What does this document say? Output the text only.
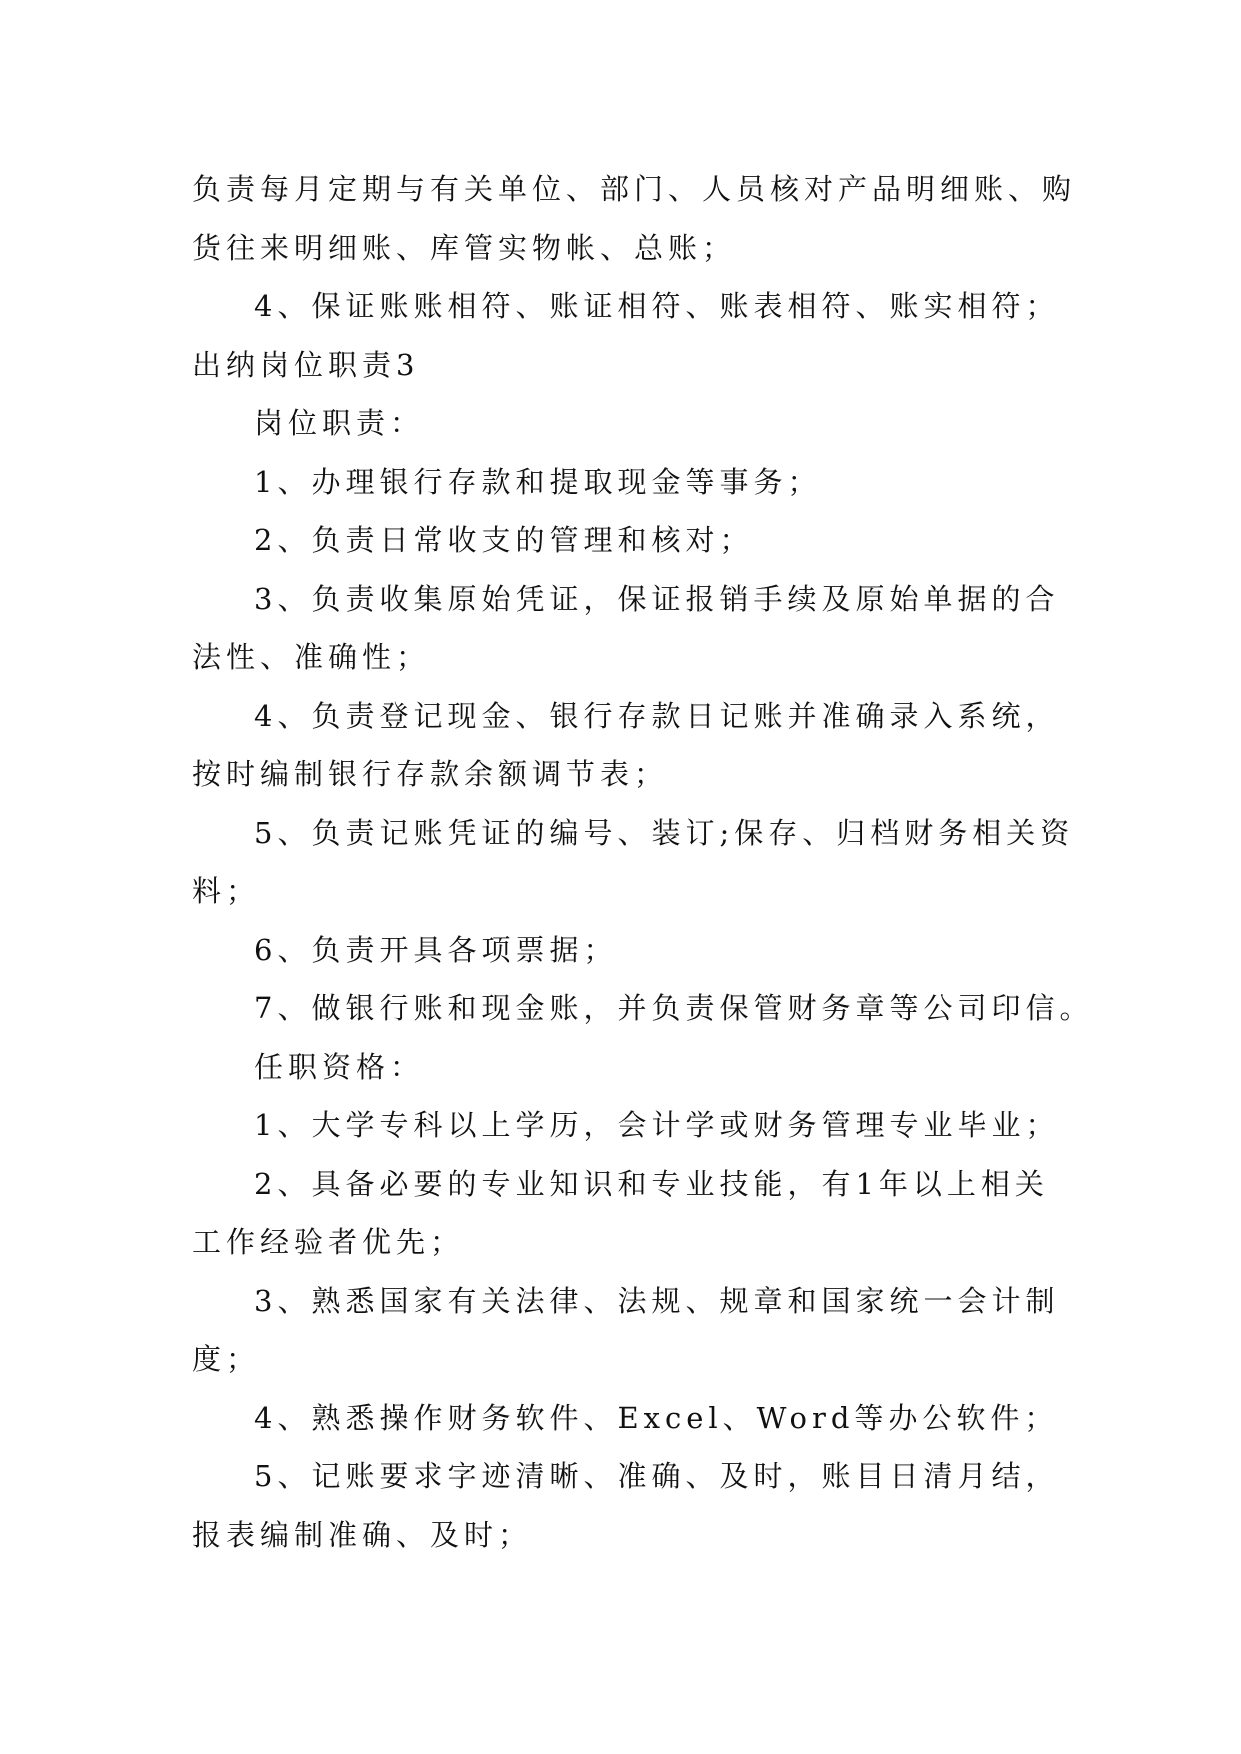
负责每月定期与有关单位、部门、人员核对产品明细账、购
货往来明细账、库管实物帐、总账；
4、保证账账相符、账证相符、账表相符、账实相符；
出纳岗位职责3
岗位职责：
1、办理银行存款和提取现金等事务；
2、负责日常收支的管理和核对；
3、负责收集原始凭证，保证报销手续及原始单据的合
法性、准确性；
4、负责登记现金、银行存款日记账并准确录入系统，
按时编制银行存款余额调节表；
5、负责记账凭证的编号、装订;保存、归档财务相关资
料；
6、负责开具各项票据；
7、做银行账和现金账，并负责保管财务章等公司印信。
任职资格：
1、大学专科以上学历，会计学或财务管理专业毕业；
2、具备必要的专业知识和专业技能，有1年以上相关
工作经验者优先；
3、熟悉国家有关法律、法规、规章和国家统一会计制
度；
4、熟悉操作财务软件、Excel、Word等办公软件；
5、记账要求字迹清晰、准确、及时，账目日清月结，
报表编制准确、及时；
